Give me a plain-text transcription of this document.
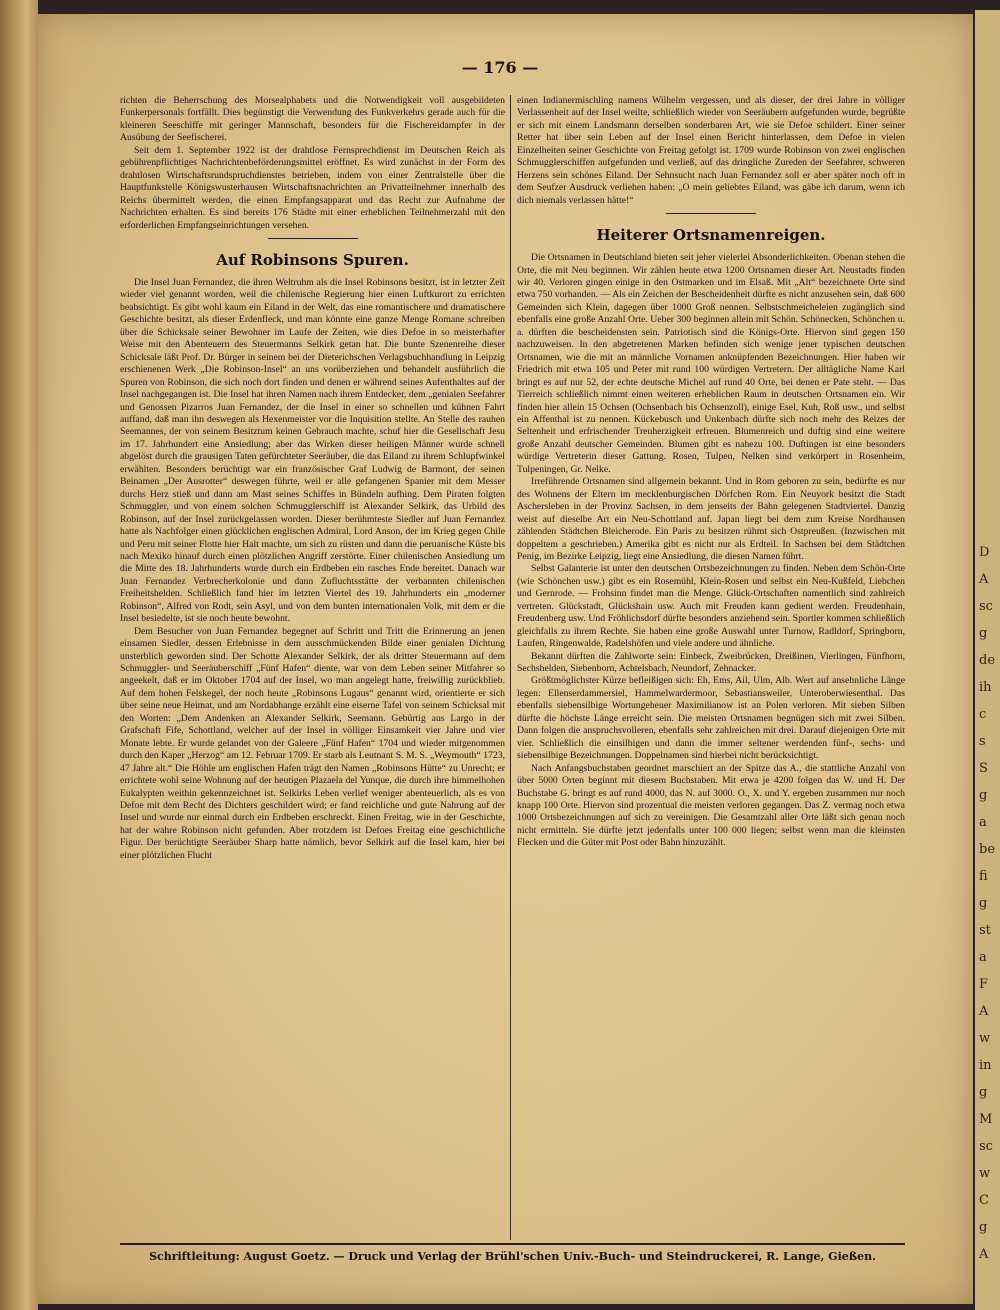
D
A
sc
g
de
ih
c
s
S
g
a
be
fi
g
st
a
F
A
w
in
g
M
sc
w
C
g
A
— 176 —

richten die Beherrschung des Morsealphabets und die Notwendigkeit voll ausgebildeten Funkerpersonals fortfällt. Dies begünstigt die Verwendung des Funkverkehrs gerade auch für die kleineren Seeschiffe mit geringer Mannschaft, besonders für die Fischereidampfer in der Ausübung der Seefischerei.

Seit dem 1. September 1922 ist der drahtlose Fernsprechdienst im Deutschen Reich als gebührenpflichtiges Nachrichtenbeförderungsmittel eröffnet. Es wird zunächst in der Form des drahtlosen Wirtschaftsrundspruchdienstes betrieben, indem von einer Zentralstelle über die Hauptfunkstelle Königswusterhausen Wirtschaftsnachrichten an Privatteilnehmer innerhalb des Reichs übermittelt werden, die einen Empfangsapparat und das Recht zur Aufnahme der Nachrichten erhalten. Es sind bereits 176 Städte mit einer erheblichen Teilnehmerzahl mit den erforderlichen Empfangseinrichtungen versehen.

Auf Robinsons Spuren.

Die Insel Juan Fernandez, die ihren Weltruhm als die Insel Robinsons besitzt, ist in letzter Zeit wieder viel genannt worden, weil die chilenische Regierung hier einen Luftkurort zu errichten beabsichtigt. Es gibt wohl kaum ein Eiland in der Welt, das eine romantischere und dramatischere Geschichte besitzt, als dieser Erdenfleck, und man könnte eine ganze Menge Romane schreiben über die Schicksale seiner Bewohner im Laufe der Zeiten, wie dies Defoe in so meisterhafter Weise mit den Abenteuern des Steuermanns Selkirk getan hat. Die bunte Szenenreihe dieser Schicksale läßt Prof. Dr. Bürger in seinem bei der Dieterichschen Verlagsbuchhandlung in Leipzig erschienenen Werk „Die Robinson-Insel“ an uns vorüberziehen und behandelt ausführlich die Spuren von Robinson, die sich noch dort finden und denen er während seines Aufenthaltes auf der Insel nachgegangen ist. Die Insel hat ihren Namen nach ihrem Entdecker, dem „genialen Seefahrer und Genossen Pizarros Juan Fernandez, der die Insel in einer so schnellen und kühnen Fahrt auffand, daß man ihn deswegen als Hexenmeister vor die Inquisition stellte. An Stelle des rauhen Seemannes, der von seinem Besitztum keinen Gebrauch machte, schuf hier die Gesellschaft Jesu im 17. Jahrhundert eine Ansiedlung; aber das Wirken dieser heiligen Männer wurde schnell abgelöst durch die grausigen Taten gefürchteter Seeräuber, die das Eiland zu ihrem Schlupfwinkel erwählten. Besonders berüchtigt war ein französischer Graf Ludwig de Barmont, der seinen Beinamen „Der Ausrotter“ deswegen führte, weil er alle gefangenen Spanier mit dem Messer durchs Herz stieß und dann am Mast seines Schiffes in Bündeln aufhing. Dem Piraten folgten Schmuggler, und von einem solchen Schmugglerschiff ist Alexander Selkirk, das Urbild des Robinson, auf der Insel zurückgelassen worden. Dieser berühmteste Siedler auf Juan Fernandez hatte als Nachfolger einen glücklichen englischen Admiral, Lord Anson, der im Krieg gegen Chile und Peru mit seiner Flotte hier Halt machte, um sich zu rüsten und dann die peruanische Küste bis nach Mexiko hinauf durch einen plötzlichen Angriff zerstörte. Einer chilenischen Ansiedlung um die Mitte des 18. Jahrhunderts wurde durch ein Erdbeben ein rasches Ende bereitet. Danach war Juan Fernandez Verbrecherkolonie und dann Zufluchtsstätte der verbannten chilenischen Freiheitshelden. Schließlich fand hier im letzten Viertel des 19. Jahrhunderts ein „moderner Robinson“, Alfred von Rodt, sein Asyl, und von dem bunten internationalen Volk, mit dem er die Insel besiedelte, ist sie noch heute bewohnt.

Dem Besucher von Juan Fernandez begegnet auf Schritt und Tritt die Erinnerung an jenen einsamen Siedler, dessen Erlebnisse in dem ausschmückenden Bilde einer genialen Dichtung unsterblich geworden sind. Der Schotte Alexander Selkirk, der als dritter Steuermann auf dem Schmuggler- und Seeräuberschiff „Fünf Hafen“ diente, war von dem Leben seiner Mitfahrer so angeekelt, daß er im Oktober 1704 auf der Insel, wo man angelegt hatte, freiwillig zurückblieb. Auf dem hohen Felskegel, der noch heute „Robinsons Lugaus“ genannt wird, orientierte er sich über seine neue Heimat, und am Nordabhange erzählt eine eiserne Tafel von seinem Schicksal mit den Worten: „Dem Andenken an Alexander Selkirk, Seemann. Gebürtig aus Largo in der Grafschaft Fife, Schottland, welcher auf der Insel in völliger Einsamkeit vier Jahre und vier Monate lebte. Er wurde gelandet von der Galeere „Fünf Hafen“ 1704 und wieder mitgenommen durch den Kaper „Herzog“ am 12. Februar 1709. Er starb als Leutnant S. M. S. „Weymouth“ 1723, 47 Jahre alt.“ Die Höhle am englischen Hafen trägt den Namen „Robinsons Hütte“ zu Unrecht; er errichtete wohl seine Wohnung auf der heutigen Plazaela del Yunque, die durch ihre himmelhohen Eukalypten weithin gekennzeichnet ist. Selkirks Leben verlief weniger abenteuerlich, als es von Defoe mit dem Recht des Dichters geschildert wird; er fand reichliche und gute Nahrung auf der Insel und wurde nur einmal durch ein Erdbeben erschreckt. Einen Freitag, wie in der Geschichte, hat der wahre Robinson nicht gefunden. Aber trotzdem ist Defoes Freitag eine geschichtliche Figur. Der berüchtigte Seeräuber Sharp hatte nämlich, bevor Selkirk auf die Insel kam, hier bei einer plötzlichen Flucht

einen Indianermischling namens Wilhelm vergessen, und als dieser, der drei Jahre in völliger Verlassenheit auf der Insel weilte, schließlich wieder von Seeräubern aufgefunden wurde, begrüßte er sich mit einem Landsmann derselben sonderbaren Art, wie sie Defoe schildert. Einer seiner Retter hat über sein Leben auf der Insel einen Bericht hinterlassen, dem Defoe in vielen Einzelheiten seiner Geschichte von Freitag gefolgt ist. 1709 wurde Robinson von zwei englischen Schmugglerschiffen aufgefunden und verließ, auf das dringliche Zureden der Seefahrer, schweren Herzens sein schönes Eiland. Der Sehnsucht nach Juan Fernandez soll er aber später noch oft in dem Seufzer Ausdruck verliehen haben: „O mein geliebtes Eiland, was gäbe ich darum, wenn ich dich niemals verlassen hätte!“

Heiterer Ortsnamenreigen.

Die Ortsnamen in Deutschland bieten seit jeher vielerlei Absonderlichkeiten. Obenan stehen die Orte, die mit Neu beginnen. Wir zählen heute etwa 1200 Ortsnamen dieser Art. Neustadts finden wir 40. Verloren gingen einige in den Ostmarken und im Elsaß. Mit „Alt“ bezeichnete Orte sind etwa 750 vorhanden. — Als ein Zeichen der Bescheidenheit dürfte es nicht anzusehen sein, daß 600 Gemeinden sich Klein, dagegen über 1000 Groß nennen. Selbstschmeicheleien zugänglich sind ebenfalls eine große Anzahl Orte. Ueber 300 beginnen allein mit Schön. Schönecken, Schönchen u. a. dürften die bescheidensten sein. Patriotisch sind die Königs-Orte. Hiervon sind gegen 150 nachzuweisen. In den abgetretenen Marken befinden sich wenige jener typischen deutschen Ortsnamen, wie die mit an männliche Vornamen anknüpfenden Bezeichnungen. Hier haben wir Friedrich mit etwa 105 und Peter mit rund 100 würdigen Vertretern. Der alltägliche Name Karl bringt es auf nur 52, der echte deutsche Michel auf rund 40 Orte, bei denen er Pate steht. — Das Tierreich schließlich nimmt einen weiteren erheblichen Raum in deutschen Ortsnamen ein. Wir finden hier allein 15 Ochsen (Ochsenbach bis Ochsenzoll), einige Esel, Kuh, Roß usw., und selbst ein Affenthal ist zu nennen. Kückebusch und Unkenbach dürfte sich noch mehr des Reizes der Seltenheit und erfrischender Treuherzigkeit erfreuen. Blumenreich und duftig sind eine weitere große Anzahl deutscher Gemeinden. Blumen gibt es nahezu 100. Duftingen ist eine besonders würdige Vertreterin dieser Gattung. Rosen, Tulpen, Nelken sind verkörpert in Rosenheim, Tulpeningen, Gr. Nelke.

Irreführende Ortsnamen sind allgemein bekannt. Und in Rom geboren zu sein, bedürfte es nur des Wohnens der Eltern im mecklenburgischen Dörfchen Rom. Ein Neuyork besitzt die Stadt Aschersleben in der Provinz Sachsen, in dem jenseits der Bahn gelegenen Stadtviertel. Danzig weist auf dieselbe Art ein Neu-Schottland auf. Japan liegt bei dem zum Kreise Nordhausen zählenden Städtchen Bleicherode. Ein Paris zu besitzen rühmt sich Ostpreußen. (Inzwischen mit doppeltem a geschrieben.) Amerika gibt es nicht nur als Erdteil. In Sachsen bei dem Städtchen Penig, im Bezirke Leipzig, liegt eine Ansiedlung, die diesen Namen führt.

Selbst Galanterie ist unter den deutschen Ortsbezeichnungen zu finden. Neben dem Schön-Orte (wie Schönchen usw.) gibt es ein Rosemühl, Klein-Rosen und selbst ein Neu-Kußfeld, Liebchen und Gernrode. — Frohsinn findet man die Menge. Glück-Ortschaften namentlich sind zahlreich vertreten. Glückstadt, Glückshain usw. Auch mit Freuden kann gedient werden. Freudenhain, Freudenberg usw. Und Fröhlichsdorf dürfte besonders anziehend sein. Sportler kommen schließlich gleichfalls zu ihrem Rechte. Sie haben eine große Auswahl unter Turnow, Radldorf, Springborn, Laufen, Ringenwalde, Radelshöfen und viele andere und ähnliche.

Bekannt dürften die Zahlworte sein: Einbeck, Zweibrücken, Dreißinen, Vierlingen, Fünfhorn, Sechshelden, Siebenborn, Achtelsbach, Neundorf, Zehnacker.

Größtmöglichster Kürze befleißigen sich: Eh, Ems, Ail, Ulm, Alb. Wert auf ansehnliche Länge legen: Ellenserdammersiel, Hammelwardermoor, Sebastiansweiler, Unteroberwiesenthal. Das ebenfalls siebensilbige Wortungeheuer Maximilianow ist an Polen verloren. Mit sieben Silben dürfte die höchste Länge erreicht sein. Die meisten Ortsnamen begnügen sich mit zwei Silben. Dann folgen die anspruchsvolleren, ebenfalls sehr zahlreichen mit drei. Darauf diejenigen Orte mit vier. Schließlich die einsilbigen und dann die immer seltener werdenden fünf-, sechs- und siebensilbige Bezeichnungen. Doppelnamen sind hierbei nicht berücksichtigt.

Nach Anfangsbuchstaben geordnet marschiert an der Spitze das A., die stattliche Anzahl von über 5000 Orten beginnt mit diesem Buchstaben. Mit etwa je 4200 folgen das W. und H. Der Buchstabe G. bringt es auf rund 4000, das N. auf 3000. O., X. und Y. ergeben zusammen nur noch knapp 100 Orte. Hiervon sind prozentual die meisten verloren gegangen. Das Z. vermag noch etwa 1000 Ortsbezeichnungen auf sich zu vereinigen. Die Gesamtzahl aller Orte läßt sich genau noch nicht ermitteln. Sie dürfte jetzt jedenfalls unter 100 000 liegen; selbst wenn man die kleinsten Flecken und die Güter mit Post oder Bahn hinzuzählt.

Schriftleitung: August Goetz. — Druck und Verlag der Brühl'schen Univ.-Buch- und Steindruckerei, R. Lange, Gießen.
